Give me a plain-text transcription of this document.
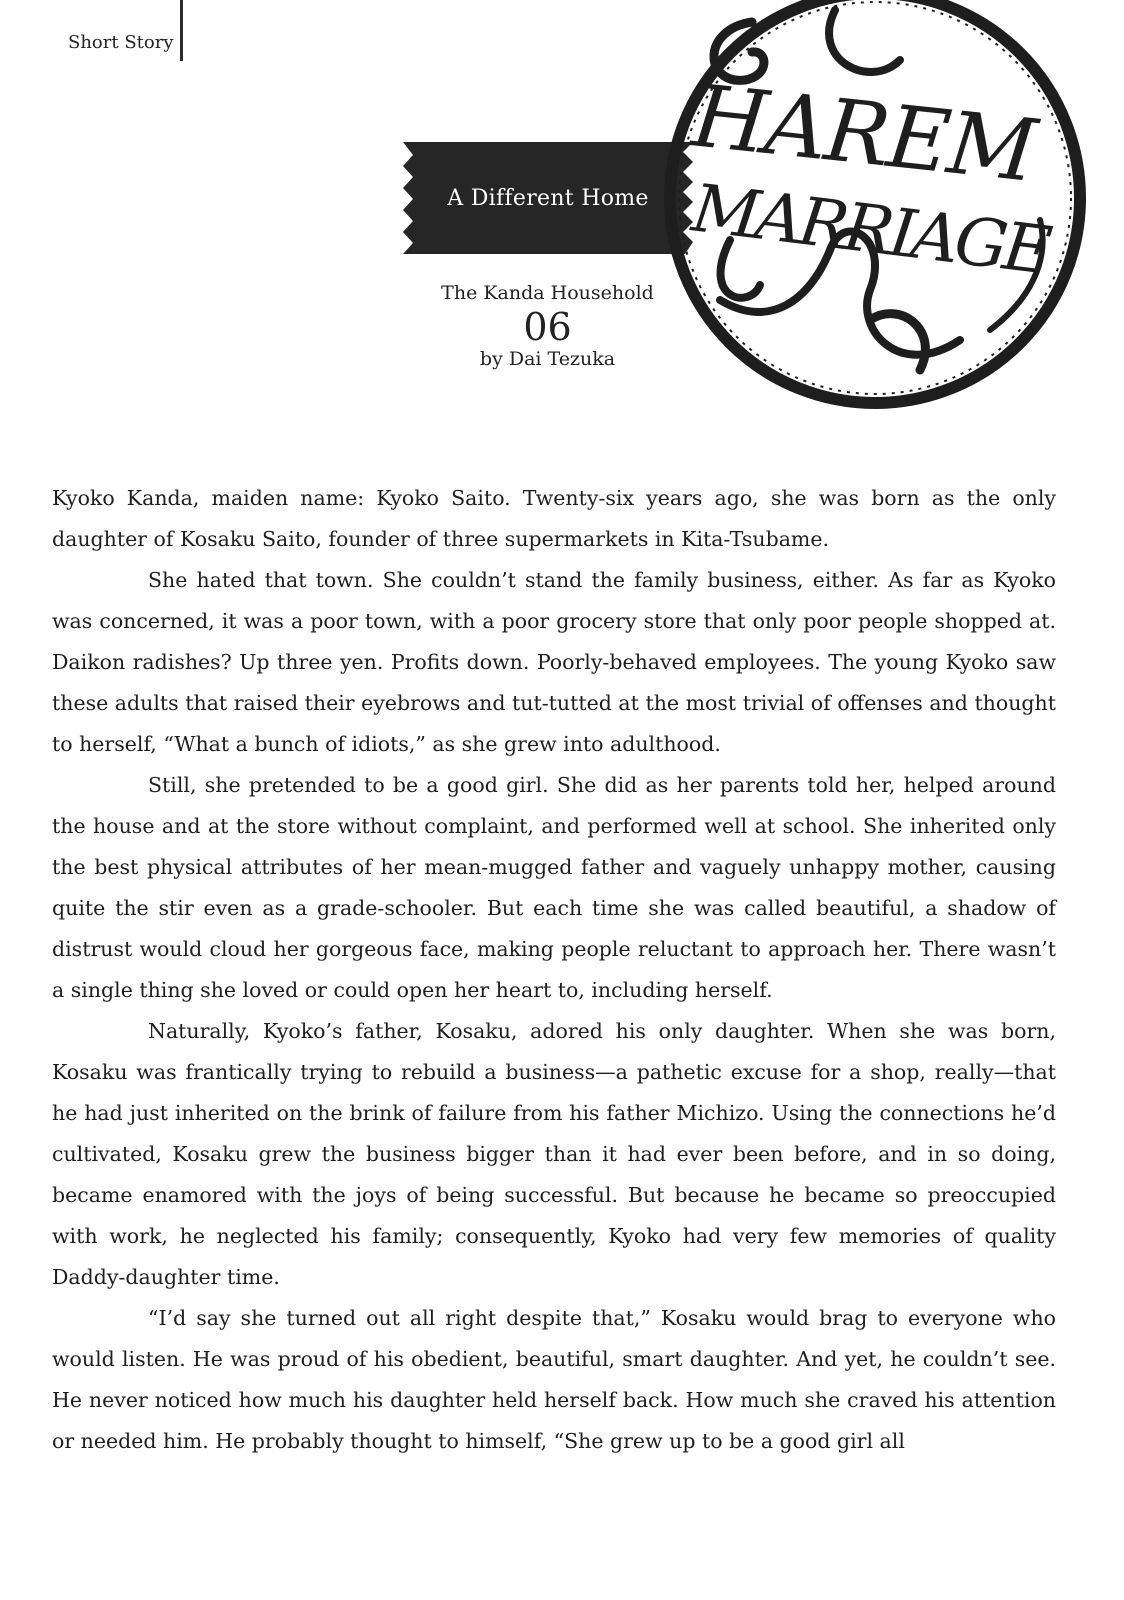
Short Story
A Different Home
The Kanda Household
06
by Dai Tezuka
HAREM
MARRIAGE

Kyoko Kanda, maiden name: Kyoko Saito. Twenty-six years ago, she was born as the only daughter of Kosaku Saito, founder of three supermarkets in Kita-Tsubame.

She hated that town. She couldn’t stand the family business, either. As far as Kyoko was concerned, it was a poor town, with a poor grocery store that only poor people shopped at. Daikon radishes? Up three yen. Profits down. Poorly-behaved employees. The young Kyoko saw these adults that raised their eyebrows and tut-tutted at the most trivial of offenses and thought to herself, “What a bunch of idiots,” as she grew into adulthood.

Still, she pretended to be a good girl. She did as her parents told her, helped around the house and at the store without complaint, and performed well at school. She inherited only the best physical attributes of her mean-mugged father and vaguely unhappy mother, causing quite the stir even as a grade-schooler. But each time she was called beautiful, a shadow of distrust would cloud her gorgeous face, making people reluctant to approach her. There wasn’t a single thing she loved or could open her heart to, including herself.

Naturally, Kyoko’s father, Kosaku, adored his only daughter. When she was born, Kosaku was frantically trying to rebuild a business—a pathetic excuse for a shop, really—that he had just inherited on the brink of failure from his father Michizo. Using the connections he’d cultivated, Kosaku grew the business bigger than it had ever been before, and in so doing, became enamored with the joys of being successful. But because he became so preoccupied with work, he neglected his family; consequently, Kyoko had very few memories of quality Daddy-daughter time.

“I’d say she turned out all right despite that,” Kosaku would brag to everyone who would listen. He was proud of his obedient, beautiful, smart daughter. And yet, he couldn’t see. He never noticed how much his daughter held herself back. How much she craved his attention or needed him. He probably thought to himself, “She grew up to be a good girl all
